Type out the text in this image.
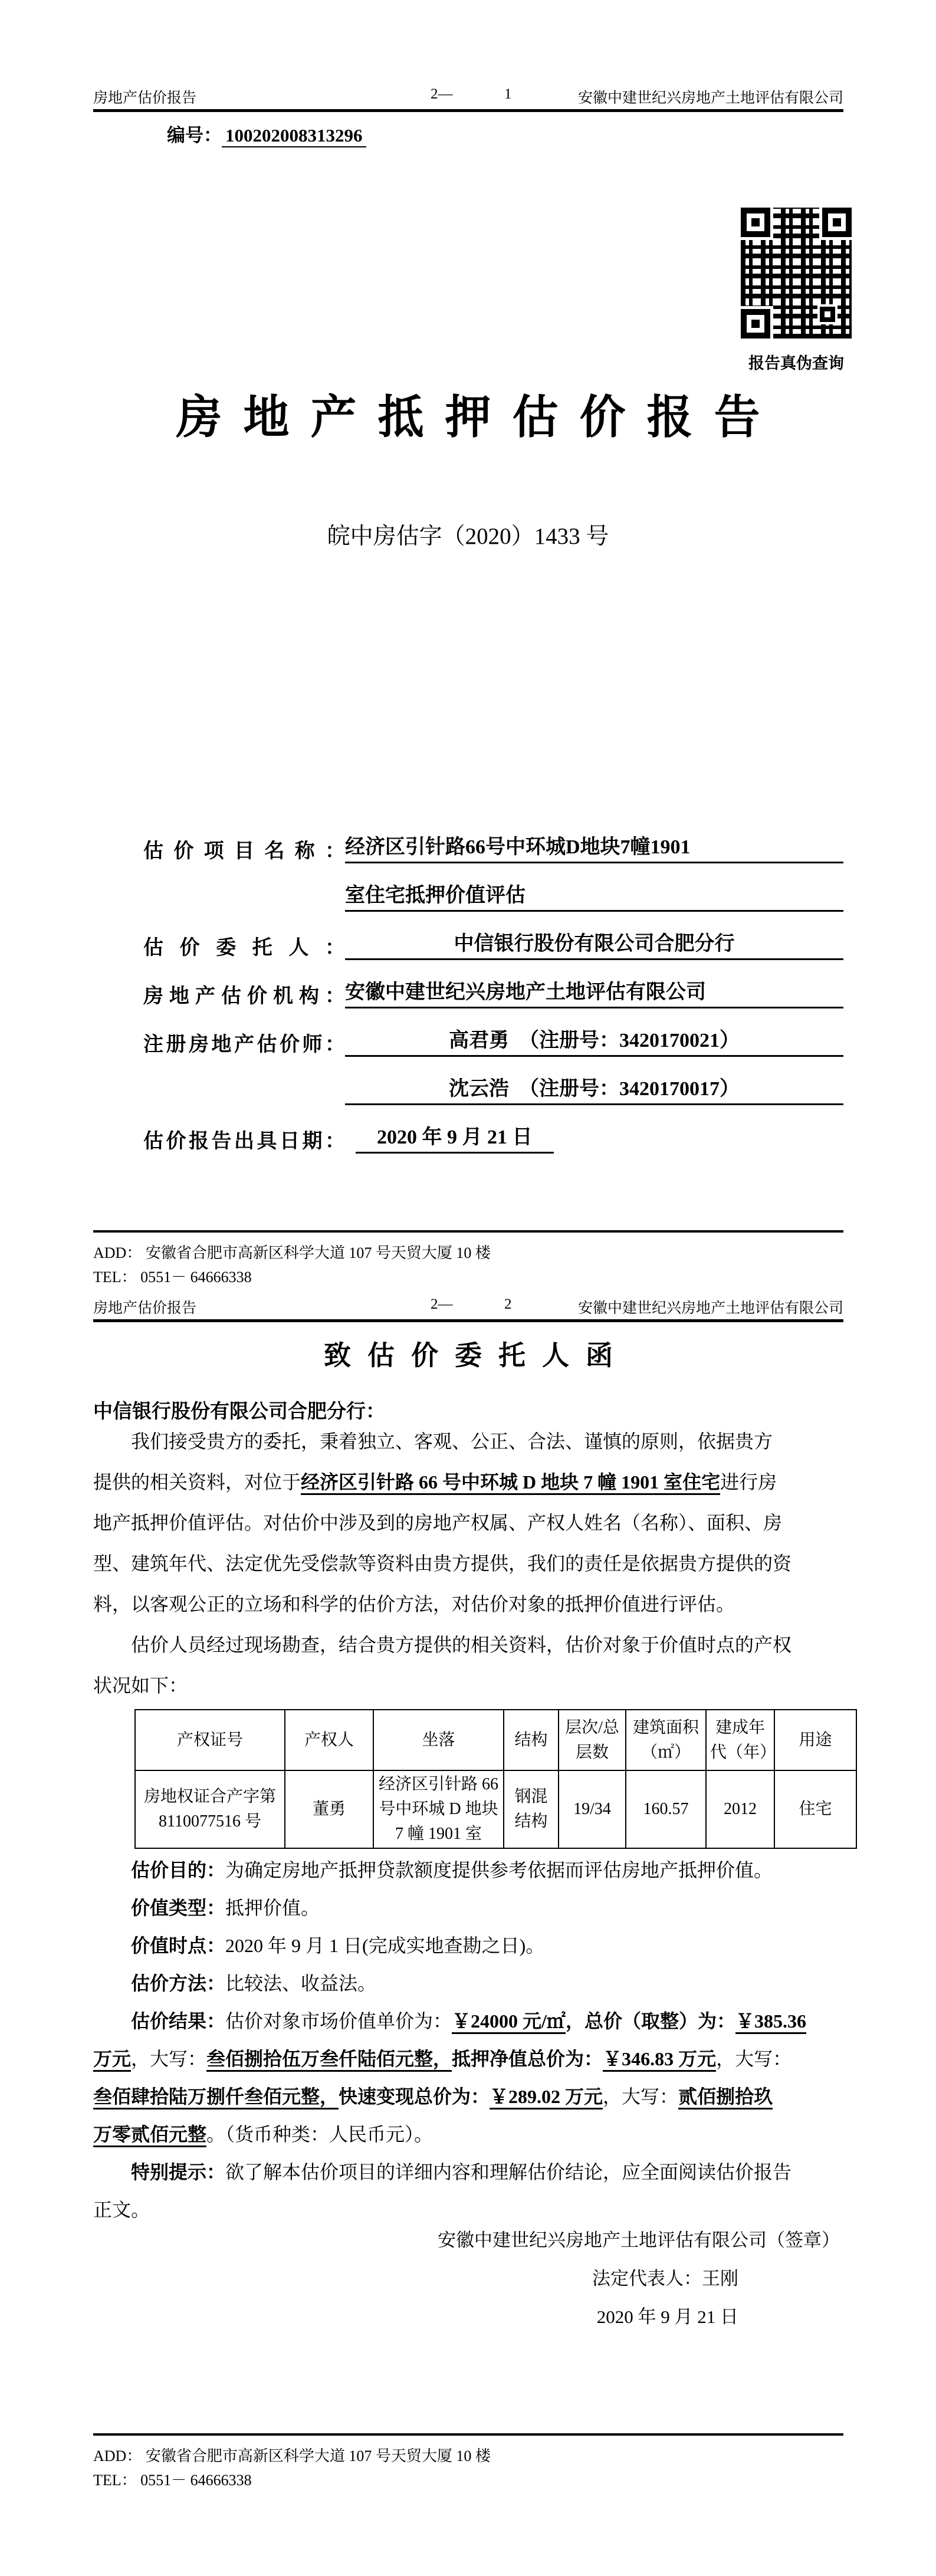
房地产估价报告	2—	1	安徽中建世纪兴房地产土地评估有限公司
编号： 100202008313296
报告真伪查询
房地产抵押估价报告
皖中房估字（2020）1433 号
估价项目名称： 经济区引针路66号中环城D地块7幢1901
室住宅抵押价值评估
估价委托人：	中信银行股份有限公司合肥分行
房地产估价机构： 安徽中建世纪兴房地产土地评估有限公司
注册房地产估价师：	高君勇　（注册号：3420170021）
沈云浩　（注册号：3420170017）
估价报告出具日期：	2020 年 9 月 21 日
ADD： 安徽省合肥市高新区科学大道 107 号天贸大厦 10 楼
TEL： 0551－ 64666338
房地产估价报告	2—	2	安徽中建世纪兴房地产土地评估有限公司
致估价委托人函
中信银行股份有限公司合肥分行：
我们接受贵方的委托，秉着独立、客观、公正、合法、谨慎的原则，依据贵方
提供的相关资料，对位于经济区引针路 66 号中环城 D 地块 7 幢 1901 室住宅进行房
地产抵押价值评估。对估价中涉及到的房地产权属、产权人姓名（名称）、面积、房
型、建筑年代、法定优先受偿款等资料由贵方提供，我们的责任是依据贵方提供的资
料，以客观公正的立场和科学的估价方法，对估价对象的抵押价值进行评估。
估价人员经过现场勘查，结合贵方提供的相关资料，估价对象于价值时点的产权
状况如下：
产权证号	产权人	坐落	结构	层次/总层数	建筑面积（㎡）	建成年代（年）	用途
房地权证合产字第 8110077516 号	董勇	经济区引针路 66 号中环城 D 地块 7 幢 1901 室	钢混结构	19/34	160.57	2012	住宅
估价目的：为确定房地产抵押贷款额度提供参考依据而评估房地产抵押价值。
价值类型：抵押价值。
价值时点：2020 年 9 月 1 日(完成实地查勘之日)。
估价方法：比较法、收益法。
估价结果：估价对象市场价值单价为：￥24000 元/㎡，总价（取整）为：￥385.36
万元，大写：叁佰捌拾伍万叁仟陆佰元整，抵押净值总价为：￥346.83 万元，大写：
叁佰肆拾陆万捌仟叁佰元整，快速变现总价为：￥289.02 万元，大写：贰佰捌拾玖
万零贰佰元整。（货币种类：人民币元）。
特别提示：欲了解本估价项目的详细内容和理解估价结论，应全面阅读估价报告
正文。
安徽中建世纪兴房地产土地评估有限公司（签章）
法定代表人：王刚
2020 年 9 月 21 日
ADD： 安徽省合肥市高新区科学大道 107 号天贸大厦 10 楼
TEL： 0551－ 64666338
